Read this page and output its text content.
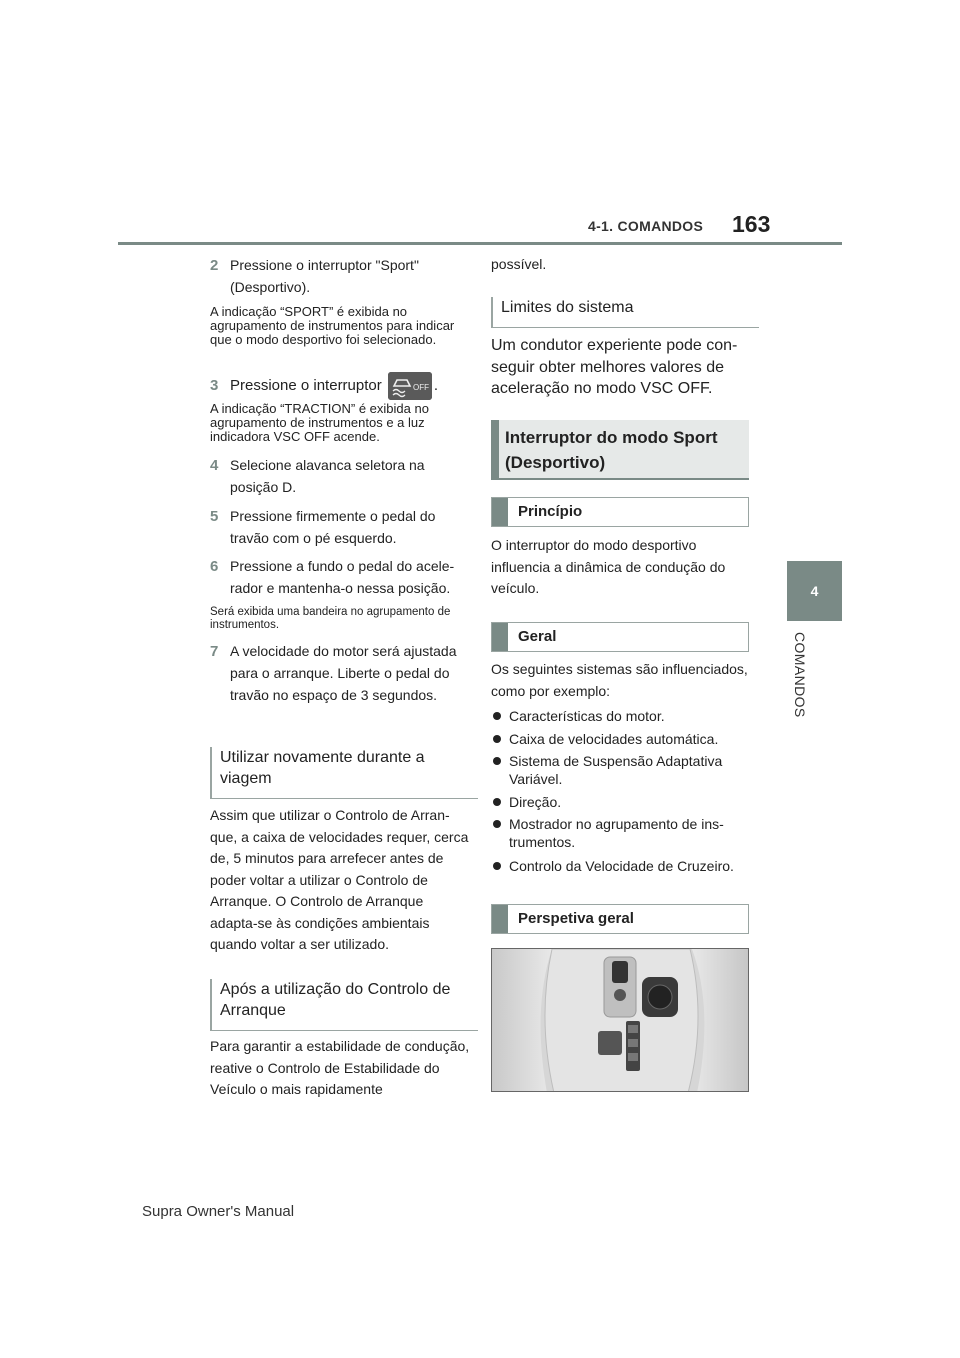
4-1. COMANDOS 163
4
COMANDOS
2 Pressione o interruptor "Sport" (Desportivo).
A indicação “SPORT” é exibida no agrupamento de instrumentos para indicar que o modo desportivo foi selecionado.
3 Pressione o interruptor	OFF .
A indicação “TRACTION” é exibida no agrupamento de instrumentos e a luz indicadora VSC OFF acende.
4 Selecione alavanca seletora na posição D.
5 Pressione firmemente o pedal do travão com o pé esquerdo.
6 Pressione a fundo o pedal do acelerador e mantenha-o nessa posição.
Será exibida uma bandeira no agrupamento de instrumentos.
7 A velocidade do motor será ajustada para o arranque. Liberte o pedal do travão no espaço de 3 segundos.
Utilizar novamente durante a viagem
Assim que utilizar o Controlo de Arranque, a caixa de velocidades requer, cerca de, 5 minutos para arrefecer antes de poder voltar a utilizar o Controlo de Arranque. O Controlo de Arranque adapta-se às condições ambientais quando voltar a ser utilizado.
Após a utilização do Controlo de Arranque
Para garantir a estabilidade de condução, reative o Controlo de Estabilidade do Veículo o mais rapidamente
possível.
Limites do sistema
Um condutor experiente pode conseguir obter melhores valores de aceleração no modo VSC OFF.
Interruptor do modo Sport (Desportivo)
Princípio
O interruptor do modo desportivo influencia a dinâmica de condução do veículo.
Geral
Os seguintes sistemas são influenciados, como por exemplo:
Características do motor.
Caixa de velocidades automática.
Sistema de Suspensão Adaptativa Variável.
Direção.
Mostrador no agrupamento de instrumentos.
Controlo da Velocidade de Cruzeiro.
Perspetiva geral
Supra Owner's Manual
